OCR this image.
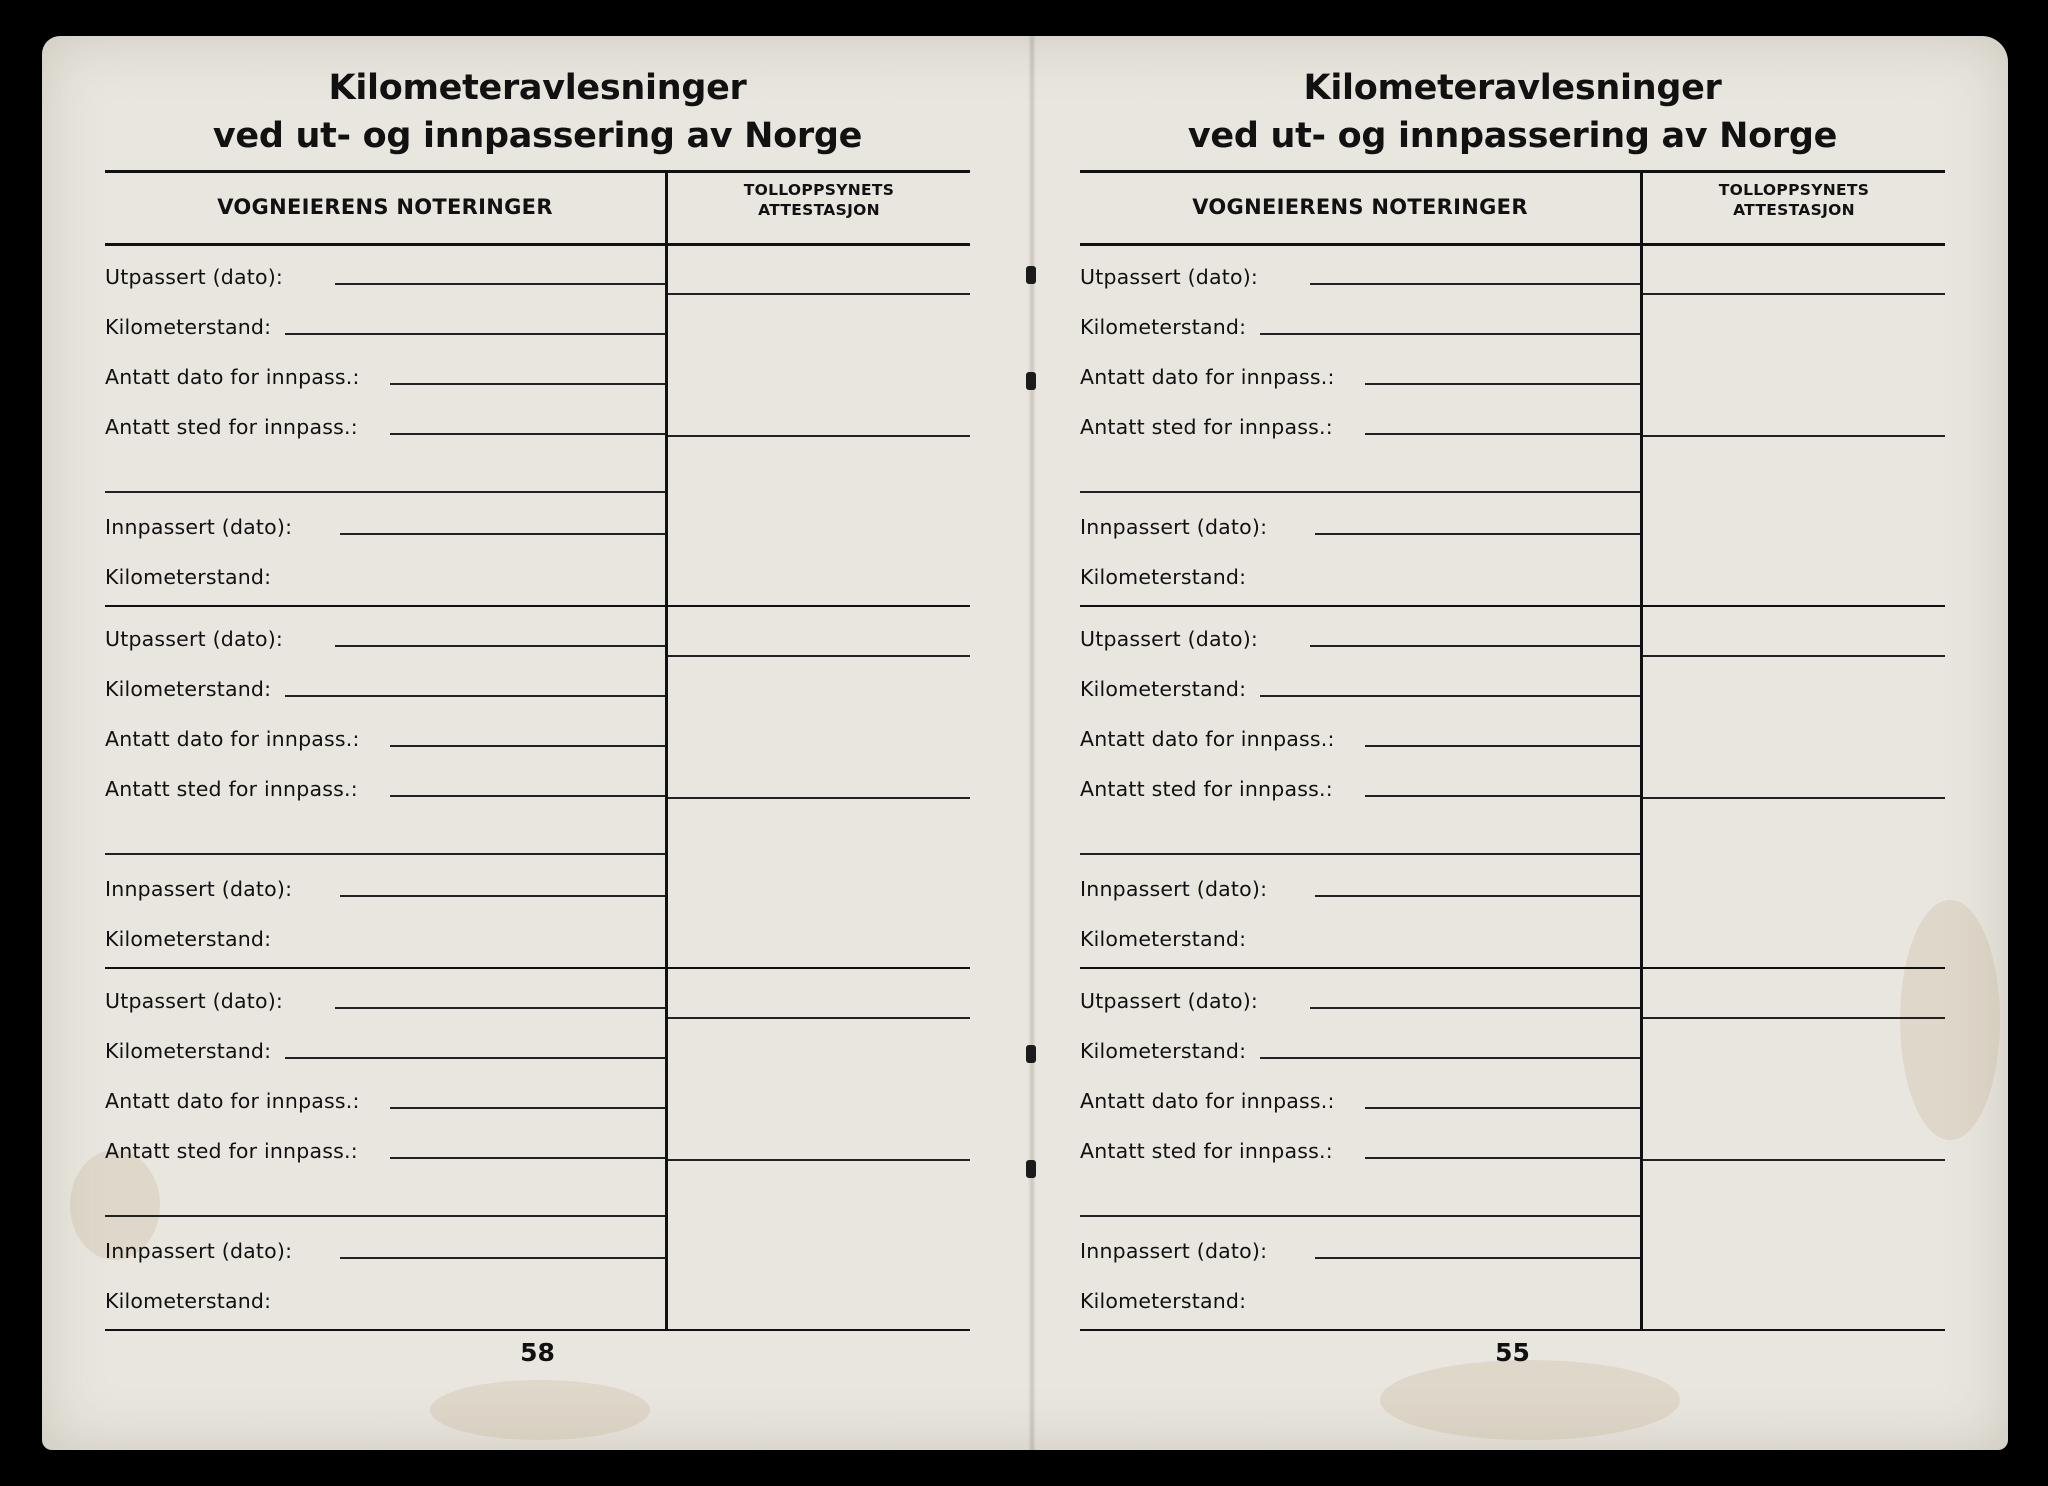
Kilometeravlesninger
ved ut- og innpassering av Norge
VOGNEIERENS NOTERINGER
TOLLOPPSYNETS
ATTESTASJON
Utpassert (dato):
Kilometerstand:
Antatt dato for innpass.:
Antatt sted for innpass.:
Innpassert (dato):
Kilometerstand:
Utpassert (dato):
Kilometerstand:
Antatt dato for innpass.:
Antatt sted for innpass.:
Innpassert (dato):
Kilometerstand:
Utpassert (dato):
Kilometerstand:
Antatt dato for innpass.:
Antatt sted for innpass.:
Innpassert (dato):
Kilometerstand:
58
Kilometeravlesninger
ved ut- og innpassering av Norge
VOGNEIERENS NOTERINGER
TOLLOPPSYNETS
ATTESTASJON
Utpassert (dato):
Kilometerstand:
Antatt dato for innpass.:
Antatt sted for innpass.:
Innpassert (dato):
Kilometerstand:
Utpassert (dato):
Kilometerstand:
Antatt dato for innpass.:
Antatt sted for innpass.:
Innpassert (dato):
Kilometerstand:
Utpassert (dato):
Kilometerstand:
Antatt dato for innpass.:
Antatt sted for innpass.:
Innpassert (dato):
Kilometerstand:
55
